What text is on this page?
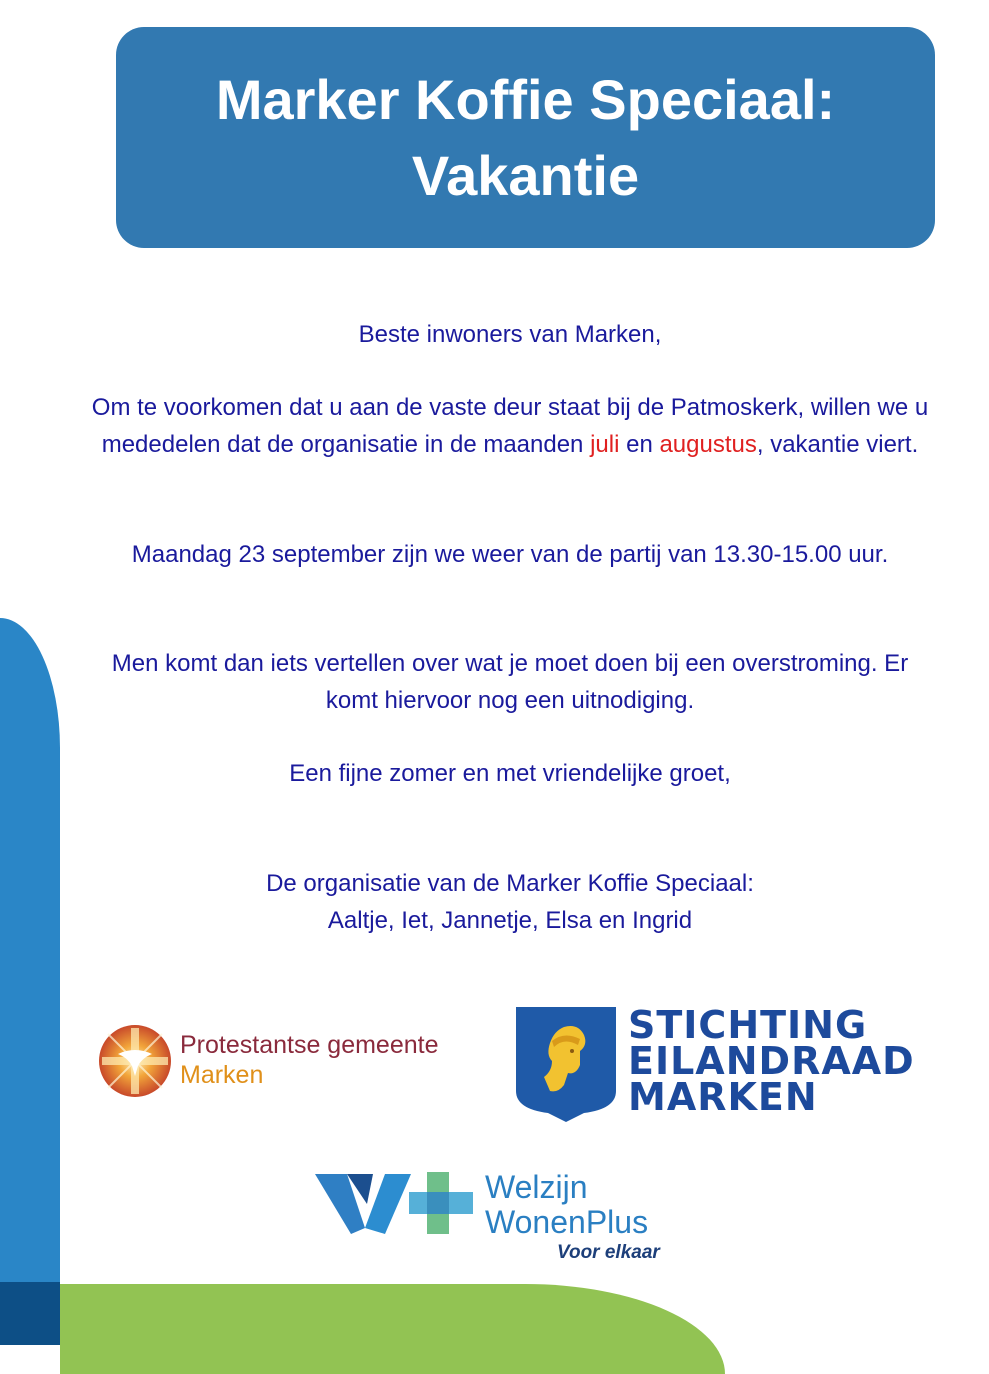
Marker Koffie Speciaal:
Vakantie

Beste inwoners van Marken,

Om te voorkomen dat u aan de vaste deur staat bij de Patmoskerk, willen we u mededelen dat de organisatie in de maanden juli en augustus, vakantie viert.

Maandag 23 september zijn we weer van de partij van 13.30-15.00 uur.

Men komt dan iets vertellen over wat je moet doen bij een overstroming. Er komt hiervoor nog een uitnodiging.

Een fijne zomer en met vriendelijke groet,

De organisatie van de Marker Koffie Speciaal:

Aaltje, Iet, Jannetje, Elsa en Ingrid

Protestantse gemeente
Marken
STICHTING
EILANDRAAD
MARKEN
Welzijn
WonenPlus
Voor elkaar
